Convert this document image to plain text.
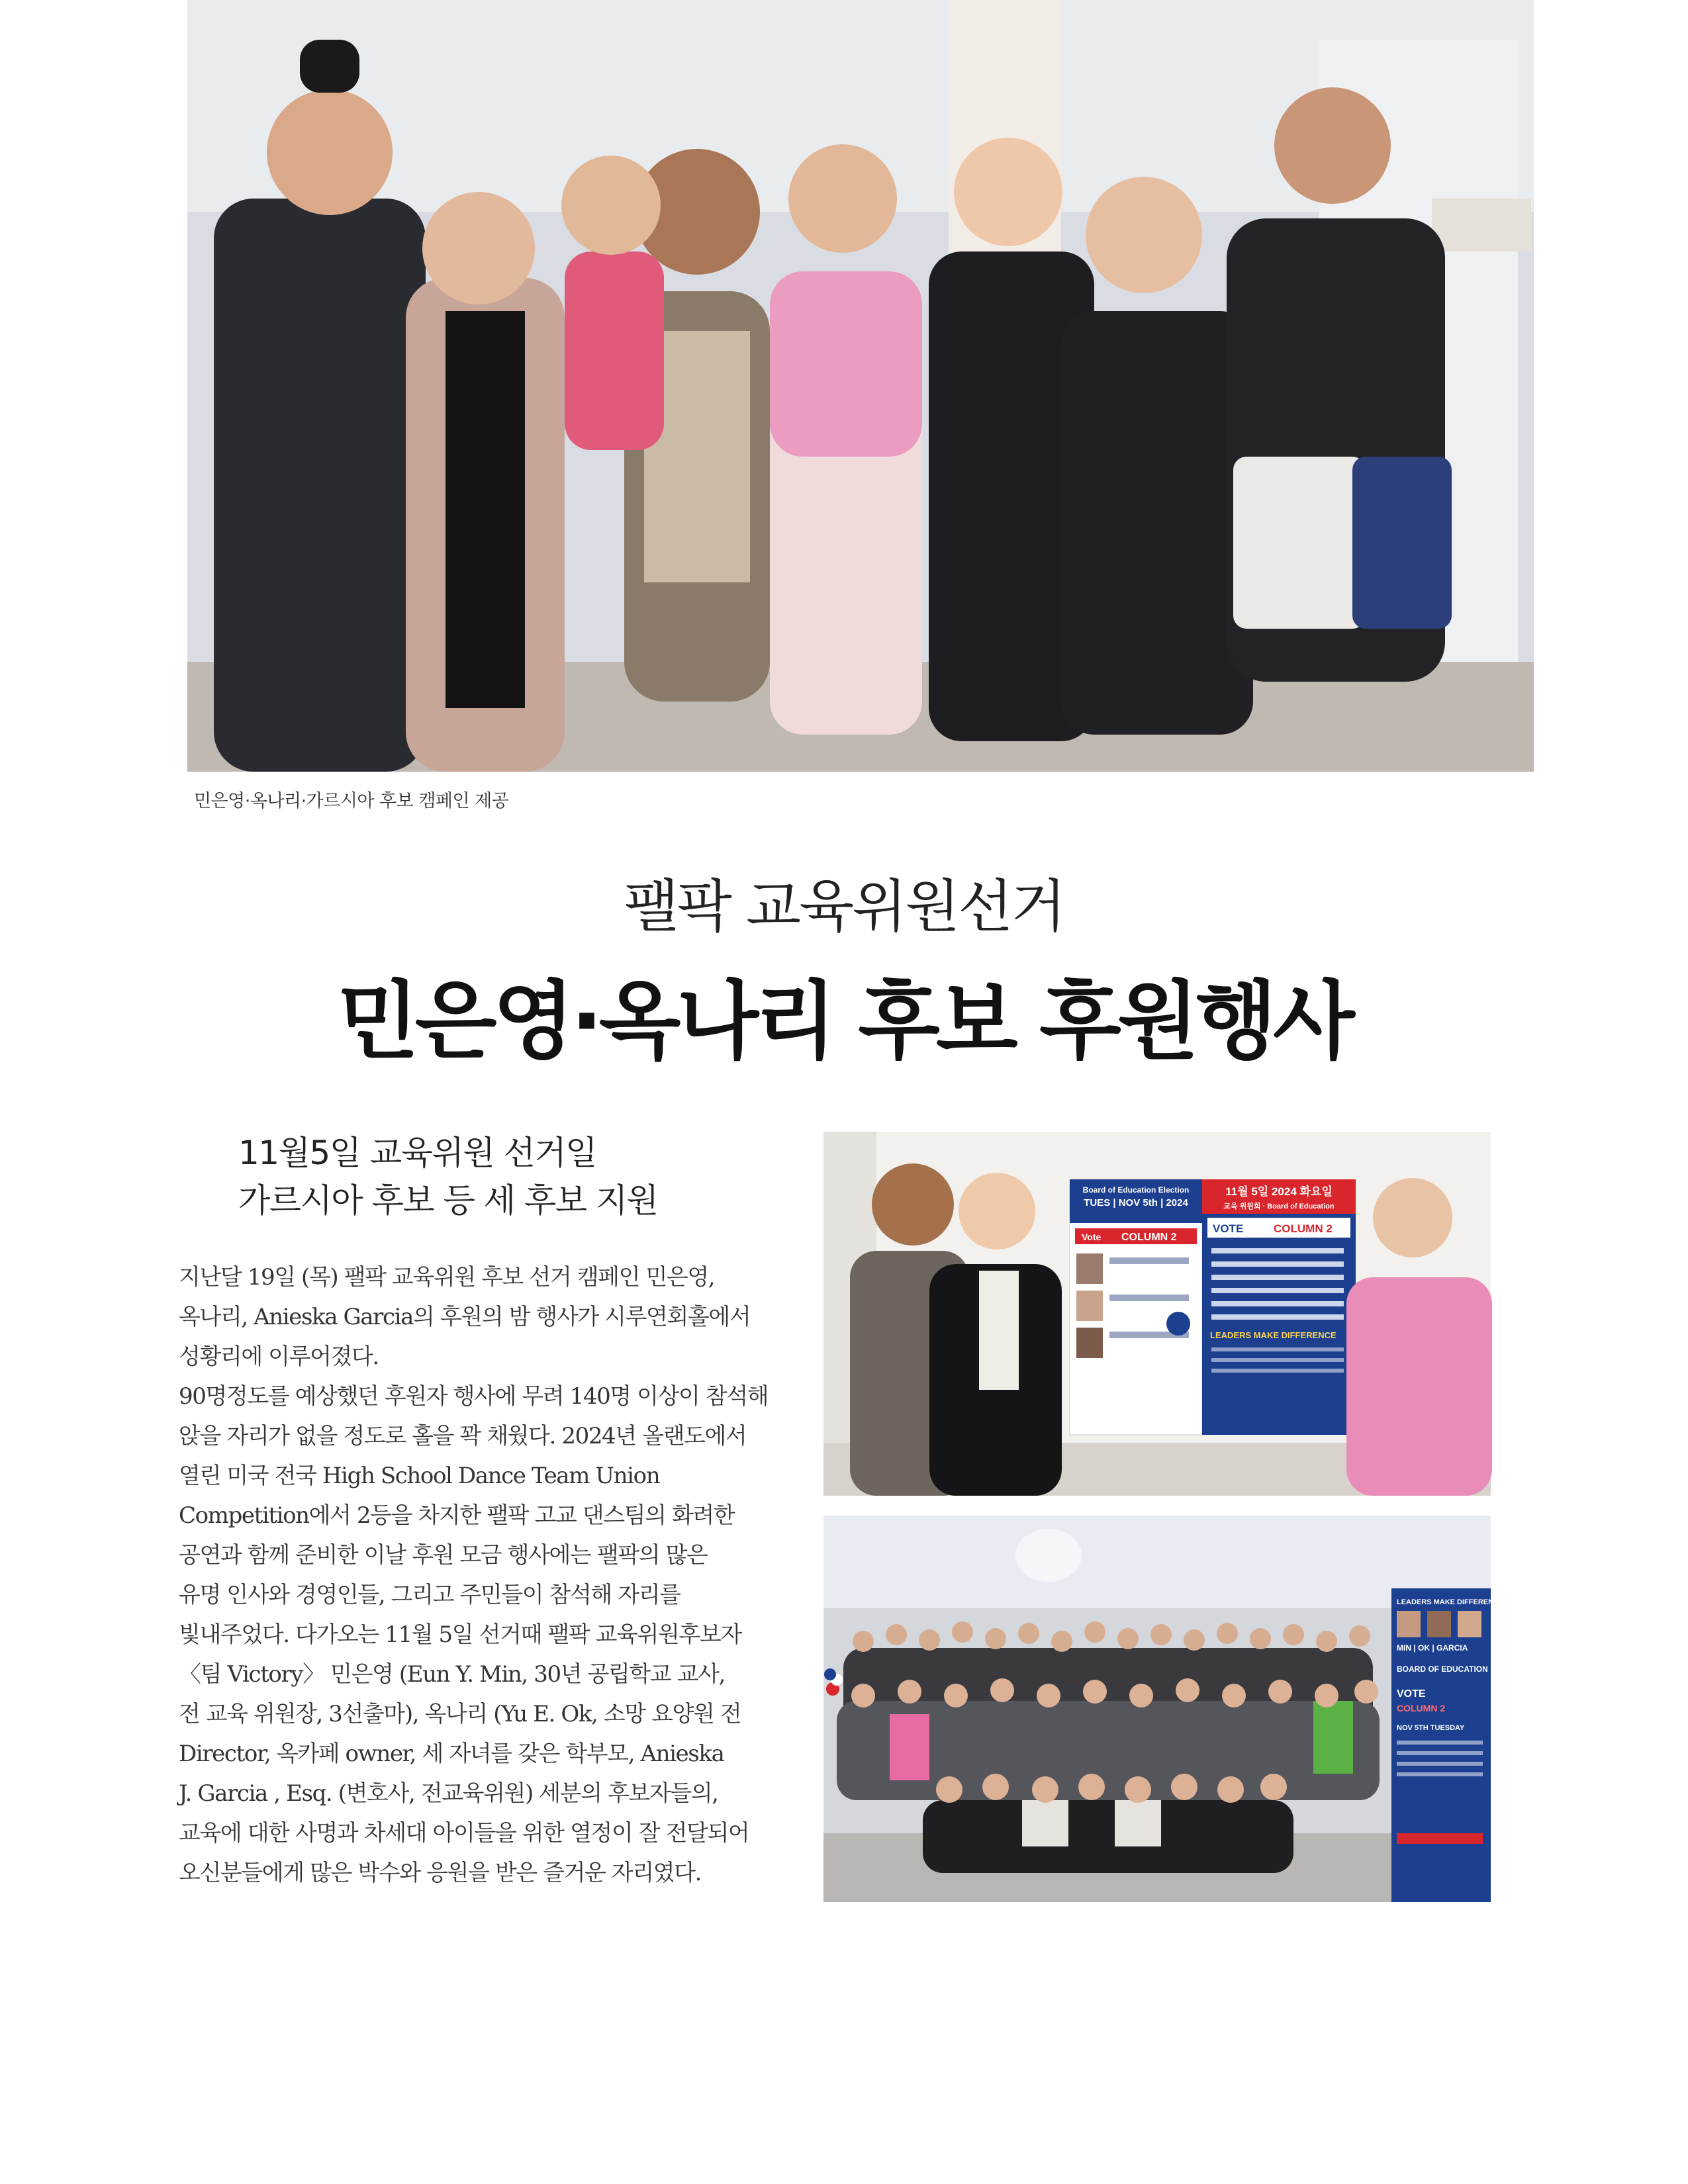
민은영·옥나리·가르시아 후보 캠페인 제공
팰팍 교육위원선거
민은영·옥나리 후보 후원행사
11월5일 교육위원 선거일
가르시아 후보 등 세 후보 지원

지난달 19일 (목) 팰팍 교육위원 후보 선거 캠페인 민은영,

옥나리, Anieska Garcia의 후원의 밤 행사가 시루연회홀에서

성황리에 이루어졌다.

90명정도를 예상했던 후원자 행사에 무려 140명 이상이 참석해

앉을 자리가 없을 정도로 홀을 꽉 채웠다. 2024년 올랜도에서

열린 미국 전국 High School Dance Team Union

Competition에서 2등을 차지한 팰팍 고교 댄스팀의 화려한

공연과 함께 준비한 이날 후원 모금 행사에는 팰팍의 많은

유명 인사와 경영인들, 그리고 주민들이 참석해 자리를

빛내주었다. 다가오는 11월 5일 선거때 팰팍 교육위원후보자

〈팀 Victory〉 민은영 (Eun Y. Min, 30년 공립학교 교사,

전 교육 위원장, 3선출마), 옥나리 (Yu E. Ok, 소망 요양원 전

Director, 옥카페 owner, 세 자녀를 갖은 학부모, Anieska

J. Garcia , Esq. (변호사, 전교육위원) 세분의 후보자들의,

교육에 대한 사명과 차세대 아이들을 위한 열정이 잘 전달되어

오신분들에게 많은 박수와 응원을 받은 즐거운 자리였다.

Board of Education Election
TUES | NOV 5th | 2024
Vote COLUMN 2
11월 5일 2024 화요일
교육 위원회 · Board of Education
VOTE	COLUMN 2
LEADERS MAKE DIFFERENCE
LEADERS MAKE DIFFERENCE
MIN | OK | GARCIA
BOARD OF EDUCATION
VOTE
COLUMN 2
NOV 5TH TUESDAY
